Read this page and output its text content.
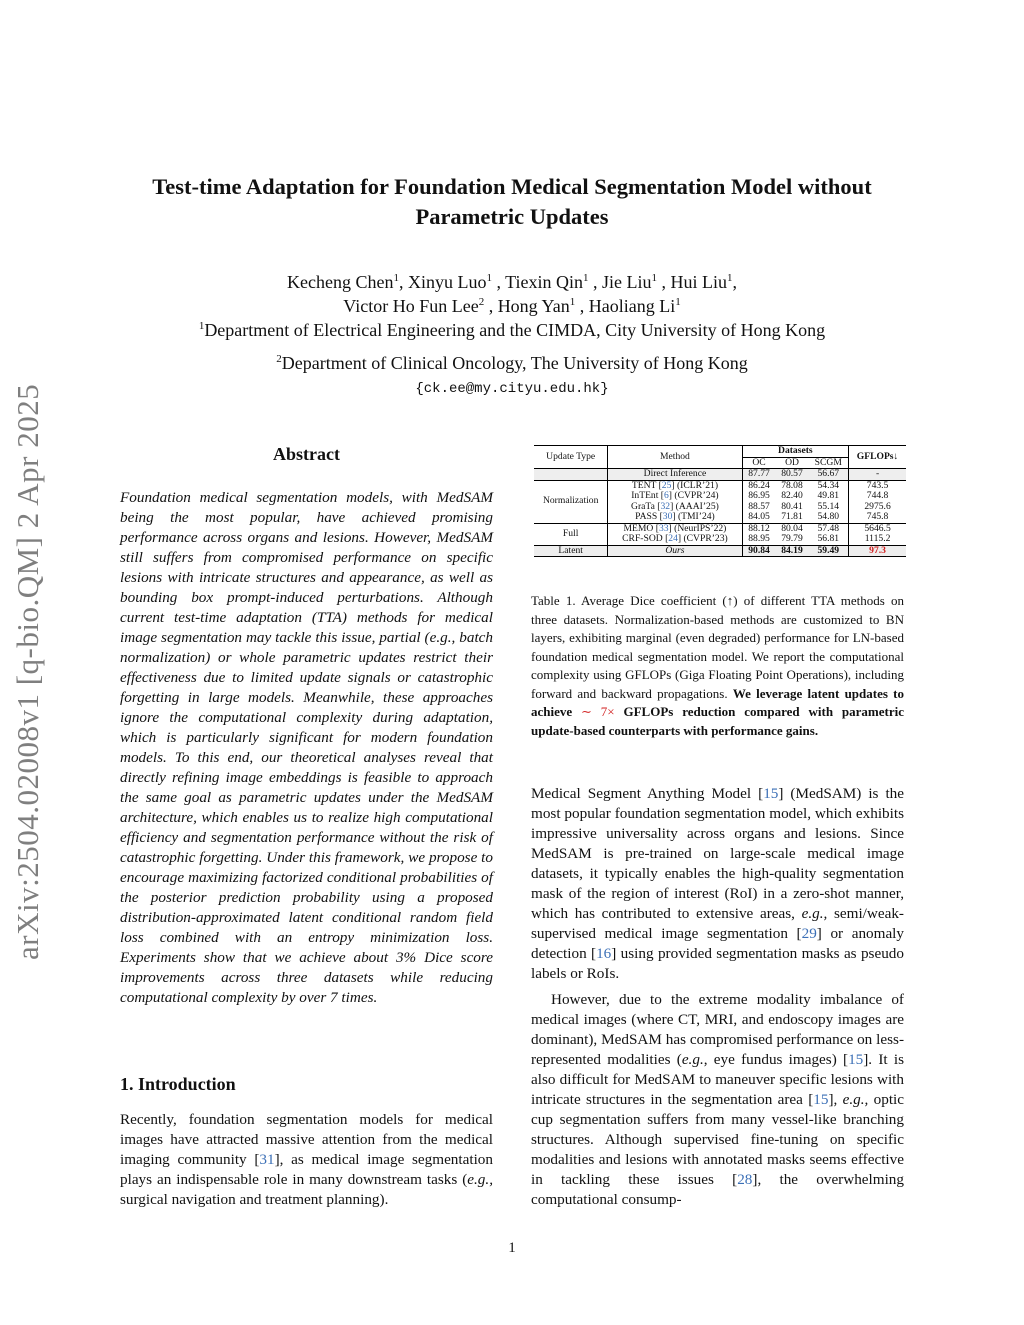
arXiv:2504.02008v1 [q-bio.QM] 2 Apr 2025
Test-time Adaptation for Foundation Medical Segmentation Model without
Parametric Updates
Kecheng Chen$^1$, Xinyu Luo$^1$ , Tiexin Qin$^1$ , Jie Liu$^1$ , Hui Liu$^1$,
Victor Ho Fun Lee$^2$ , Hong Yan$^1$ , Haoliang Li$^1$
$^1$Department of Electrical Engineering and the CIMDA, City University of Hong Kong
$^2$Department of Clinical Oncology, The University of Hong Kong
{ck.ee@my.cityu.edu.hk}
Abstract
Foundation medical segmentation models, with MedSAM being the most popular, have achieved promising performance across organs and lesions. However, MedSAM still suffers from compromised performance on specific lesions with intricate structures and appearance, as well as bounding box prompt-induced perturbations. Although current test-time adaptation (TTA) methods for medical image segmentation may tackle this issue, partial (e.g., batch normalization) or whole parametric updates restrict their effectiveness due to limited update signals or catastrophic forgetting in large models. Meanwhile, these approaches ignore the computational complexity during adaptation, which is particularly significant for modern foundation models. To this end, our theoretical analyses reveal that directly refining image embeddings is feasible to approach the same goal as parametric updates under the MedSAM architecture, which enables us to realize high computational efficiency and segmentation performance without the risk of catastrophic forgetting. Under this framework, we propose to encourage maximizing factorized conditional probabilities of the posterior prediction probability using a proposed distribution-approximated latent conditional random field loss combined with an entropy minimization loss. Experiments show that we achieve about 3% Dice score improvements across three datasets while reducing computational complexity by over 7 times.
1. Introduction
Recently, foundation segmentation models for medical images have attracted massive attention from the medical imaging community [31], as medical image segmentation plays an indispensable role in many downstream tasks (e.g., surgical navigation and treatment planning).
Update Type	Method	Datasets			GFLOPs↓
		OC	OD	SCGM	
	Direct Inference	87.77	80.57	56.67	-
Normalization	TENT [25] (ICLR’21)	86.24	78.08	54.34	743.5
	InTEnt [6] (CVPR’24)	86.95	82.40	49.81	744.8
	GraTa [32] (AAAI’25)	88.57	80.41	55.14	2975.6
	PASS [30] (TMI’24)	84.05	71.81	54.80	745.8
Full	MEMO [33] (NeurIPS’22)	88.12	80.04	57.48	5646.5
	CRF-SOD [24] (CVPR’23)	88.95	79.79	56.81	1115.2
Latent	Ours	90.84	84.19	59.49	97.3
Table 1. Average Dice coefficient (↑) of different TTA methods on three datasets. Normalization-based methods are customized to BN layers, exhibiting marginal (even degraded) performance for LN-based foundation medical segmentation model. We report the computational complexity using GFLOPs (Giga Floating Point Operations), including forward and backward propagations. We leverage latent updates to achieve ∼ 7× GFLOPs reduction compared with parametric update-based counterparts with performance gains.
Medical Segment Anything Model [15] (MedSAM) is the most popular foundation segmentation model, which exhibits impressive universality across organs and lesions. Since MedSAM is pre-trained on large-scale medical image datasets, it typically enables the high-quality segmentation mask of the region of interest (RoI) in a zero-shot manner, which has contributed to extensive areas, e.g., semi/weak-supervised medical image segmentation [29] or anomaly detection [16] using provided segmentation masks as pseudo labels or RoIs.
However, due to the extreme modality imbalance of medical images (where CT, MRI, and endoscopy images are dominant), MedSAM has compromised performance on less-represented modalities (e.g., eye fundus images) [15]. It is also difficult for MedSAM to maneuver specific lesions with intricate structures in the segmentation area [15], e.g., optic cup segmentation suffers from many vessel-like branching structures. Although supervised fine-tuning on specific modalities and lesions with annotated masks seems effective in tackling these issues [28], the overwhelming computational consump-
1
